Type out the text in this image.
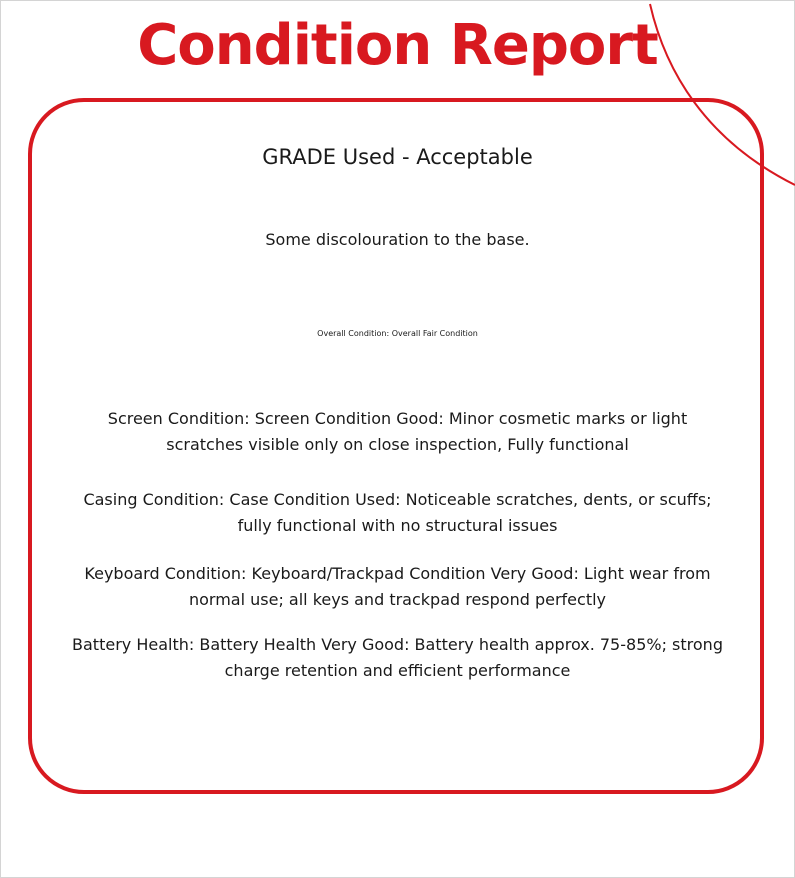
Condition Report
GRADE Used - Acceptable
Some discolouration to the base.
Overall Condition: Overall Fair Condition
Screen Condition: Screen Condition Good: Minor cosmetic marks or light scratches visible only on close inspection, Fully functional
Casing Condition: Case Condition Used: Noticeable scratches, dents, or scuffs; fully functional with no structural issues
Keyboard Condition: Keyboard/Trackpad Condition Very Good: Light wear from normal use; all keys and trackpad respond perfectly
Battery Health: Battery Health Very Good: Battery health approx. 75-85%; strong charge retention and efficient performance
